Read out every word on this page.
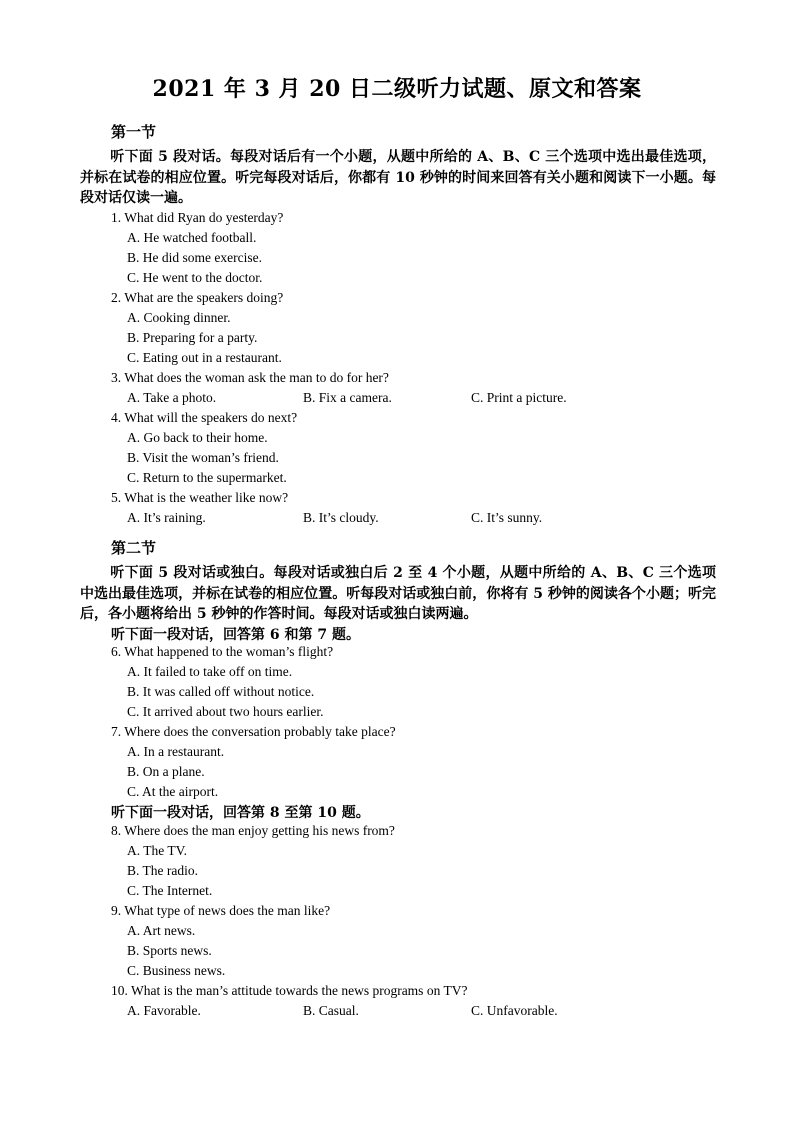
2021 年 3 月 20 日二级听力试题、原文和答案
第一节
听下面 5 段对话。每段对话后有一个小题，从题中所给的 A、B、C 三个选项中选出最佳选项，并标在试卷的相应位置。听完每段对话后，你都有 10 秒钟的时间来回答有关小题和阅读下一小题。每段对话仅读一遍。
1. What did Ryan do yesterday?
A. He watched football.
B. He did some exercise.
C. He went to the doctor.
2. What are the speakers doing?
A. Cooking dinner.
B. Preparing for a party.
C. Eating out in a restaurant.
3. What does the woman ask the man to do for her?
A. Take a photo.	B. Fix a camera.	C. Print a picture.
4. What will the speakers do next?
A. Go back to their home.
B. Visit the woman’s friend.
C. Return to the supermarket.
5. What is the weather like now?
A. It’s raining.	B. It’s cloudy.	C. It’s sunny.
第二节
听下面 5 段对话或独白。每段对话或独白后 2 至 4 个小题，从题中所给的 A、B、C 三个选项中选出最佳选项，并标在试卷的相应位置。听每段对话或独白前，你将有 5 秒钟的阅读各个小题；听完后，各小题将给出 5 秒钟的作答时间。每段对话或独白读两遍。
听下面一段对话，回答第 6 和第 7 题。
6. What happened to the woman’s flight?
A. It failed to take off on time.
B. It was called off without notice.
C. It arrived about two hours earlier.
7. Where does the conversation probably take place?
A. In a restaurant.
B. On a plane.
C. At the airport.
听下面一段对话，回答第 8 至第 10 题。
8. Where does the man enjoy getting his news from?
A. The TV.
B. The radio.
C. The Internet.
9. What type of news does the man like?
A. Art news.
B. Sports news.
C. Business news.
10. What is the man’s attitude towards the news programs on TV?
A. Favorable.	B. Casual.	C. Unfavorable.
